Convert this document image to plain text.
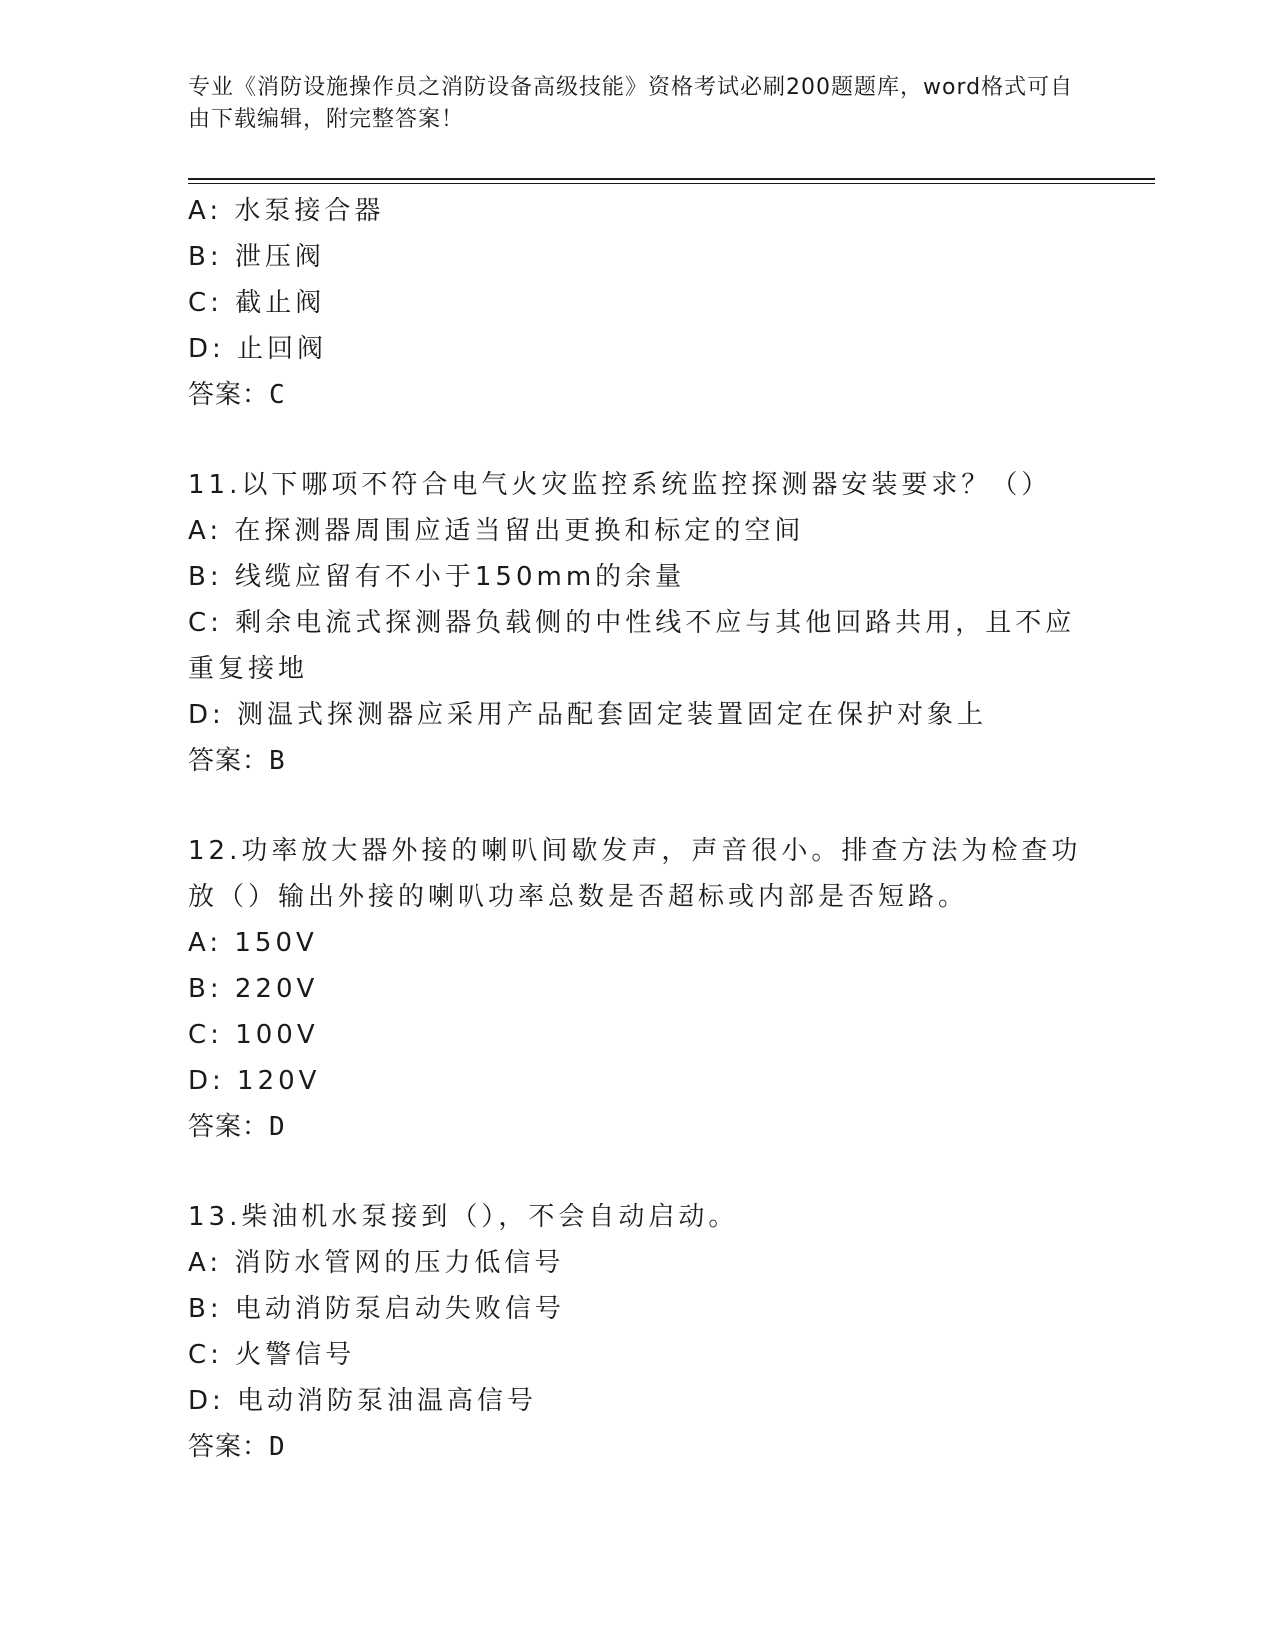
专业《消防设施操作员之消防设备高级技能》资格考试必刷200题题库，word格式可自由下载编辑，附完整答案！
A: 水泵接合器
B: 泄压阀
C: 截止阀
D: 止回阀
答案：C
11.以下哪项不符合电气火灾监控系统监控探测器安装要求？（）
A: 在探测器周围应适当留出更换和标定的空间
B: 线缆应留有不小于150mm的余量
C: 剩余电流式探测器负载侧的中性线不应与其他回路共用，且不应重复接地
D: 测温式探测器应采用产品配套固定装置固定在保护对象上
答案：B
12.功率放大器外接的喇叭间歇发声，声音很小。排查方法为检查功放（）输出外接的喇叭功率总数是否超标或内部是否短路。
A: 150V
B: 220V
C: 100V
D: 120V
答案：D
13.柴油机水泵接到（），不会自动启动。
A: 消防水管网的压力低信号
B: 电动消防泵启动失败信号
C: 火警信号
D: 电动消防泵油温高信号
答案：D
